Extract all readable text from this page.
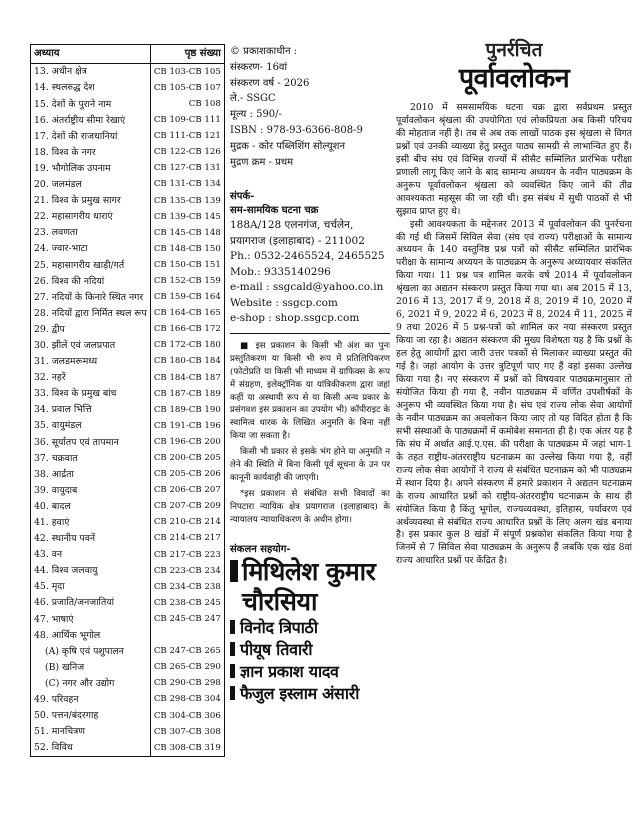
अध्याय	पृष्ठ संख्या
13. अधीन क्षेत्र	CB 103-CB 105
14. स्थलरुद्ध देश	CB 105-CB 107
15. देशों के पुराने नाम	CB 108
16. अंतर्राष्ट्रीय सीमा रेखाएं	CB 109-CB 111
17. देशों की राजधानियां	CB 111-CB 121
18. विश्व के नगर	CB 122-CB 126
19. भौगोलिक उपनाम	CB 127-CB 131
20. जलमंडल	CB 131-CB 134
21. विश्व के प्रमुख सागर	CB 135-CB 139
22. महासागरीय धाराएं	CB 139-CB 145
23. लवणता	CB 145-CB 148
24. ज्वार-भाटा	CB 148-CB 150
25. महासागरीय खाड़ी/गर्त	CB 150-CB 151
26. विश्व की नदियां	CB 152-CB 159
27. नदियों के किनारे स्थित नगर	CB 159-CB 164
28. नदियों द्वारा निर्मित स्थल रूप	CB 164-CB 165
29. द्वीप	CB 166-CB 172
30. झीलें एवं जलप्रपात	CB 172-CB 180
31. जलडमरूमध्य	CB 180-CB 184
32. नहरें	CB 184-CB 187
33. विश्व के प्रमुख बांध	CB 187-CB 189
34. प्रवाल भित्ति	CB 189-CB 190
35. वायुमंडल	CB 191-CB 196
36. सूर्यातप एवं तापमान	CB 196-CB 200
37. चक्रवात	CB 200-CB 205
38. आर्द्रता	CB 205-CB 206
39. वायुदाब	CB 206-CB 207
40. बादल	CB 207-CB 209
41. हवाएं	CB 210-CB 214
42. स्थानीय पवनें	CB 214-CB 217
43. वन	CB 217-CB 223
44. विश्व जलवायु	CB 223-CB 234
45. मृदा	CB 234-CB 238
46. प्रजाति/जनजातियां	CB 238-CB 245
47. भाषाएं	CB 245-CB 247
48. आर्थिक भूगोल	
(A) कृषि एवं पशुपालन	CB 247-CB 265
(B) खनिज	CB 265-CB 290
(C) नगर और उद्योग	CB 290-CB 298
49. परिवहन	CB 298-CB 304
50. पत्तन/बंदरगाह	CB 304-CB 306
51. मानचित्रण	CB 307-CB 308
52. विविध	CB 308-CB 319
© प्रकाशकाधीन :
संस्करण- 16वां
संस्करण वर्ष - 2026
ले.- SSGC
मूल्य : 590/-
ISBN : 978-93-6366-808-9
मुद्रक - कोर पब्लिशिंग सोल्यूशन
मुद्रण क्रम - प्रथम
संपर्क-
सम-सामयिक घटना चक्र
188A/128 एलनगंज, चर्चलेन,
प्रयागराज (इलाहाबाद) - 211002
Ph.: 0532-2465524, 2465525
Mob.: 9335140296
e-mail : ssgcald@yahoo.co.in
Website : ssgcp.com
e-shop : shop.ssgcp.com

■ इस प्रकाशन के किसी भी अंश का पुनः प्रस्तुतिकरण या किसी भी रूप में प्रतिलिपिकरण (फोटोप्रति या किसी भी माध्यम में ग्राफिक्स के रूप में संग्रहण, इलेक्ट्रॉनिक या यांत्रिकीकरण द्वारा जहां कहीं या अस्थायी रूप से या किसी अन्य प्रकार के प्रसंगवश इस प्रकाशन का उपयोग भी) कॉपीराइट के स्वामित्व धारक के लिखित अनुमति के बिना नहीं किया जा सकता है।

किसी भी प्रकार से इसके भंग होने या अनुमति न लेने की स्थिति में बिना किसी पूर्व सूचना के उन पर कानूनी कार्यवाही की जाएगी।

*इस प्रकाशन से संबंधित सभी विवादों का निपटारा न्यायिक क्षेत्र प्रयागराज (इलाहाबाद) के न्यायालय न्यायाधिकरण के अधीन होगा।

संकलन सहयोग-
मिथिलेश कुमार
चौरसिया
विनोद त्रिपाठी
पीयूष तिवारी
ज्ञान प्रकाश यादव
फैजुल इस्लाम अंसारी
पुनर्रचित
पूर्वावलोकन

2010 में समसामयिक घटना चक्र द्वारा सर्वप्रथम प्रस्तुत पूर्वावलोकन श्रृंखला की उपयोगिता एवं लोकप्रियता अब किसी परिचय की मोहताज नहीं है। तब से अब तक लाखों पाठक इस श्रृंखला से विगत प्रश्नों एवं उनकी व्याख्या हेतु प्रस्तुत पाठ्य सामग्री से लाभान्वित हुए हैं। इसी बीच संघ एवं विभिन्न राज्यों में सीसैट सम्मिलित प्रारंभिक परीक्षा प्रणाली लागू किए जाने के बाद सामान्य अध्ययन के नवीन पाठ्यक्रम के अनुरूप पूर्वावलोकन श्रृंखला को व्यवस्थित किए जाने की तीव्र आवश्यकता महसूस की जा रही थी। इस संबंध में सुधी पाठकों से भी सुझाव प्राप्त हुए थे।

इसी आवश्यकता के मद्देनजर 2013 में पूर्वावलोकन की पुनर्रचना की गई थी जिसमें सिविल सेवा (संघ एवं राज्य) परीक्षाओं के सामान्य अध्ययन के 140 वस्तुनिष्ठ प्रश्न पत्रों को सीसैट सम्मिलित प्रारंभिक परीक्षा के सामान्य अध्ययन के पाठ्यक्रम के अनुरूप अध्यायवार संकलित किया गया। 11 प्रश्न पत्र शामिल करके वर्ष 2014 में पूर्वावलोकन श्रृंखला का अद्यतन संस्करण प्रस्तुत किया गया था। अब 2015 में 13, 2016 में 13, 2017 में 9, 2018 में 8, 2019 में 10, 2020 में 6, 2021 में 9, 2022 में 6, 2023 में 8, 2024 में 11, 2025 में 9 तथा 2026 में 5 प्रश्न-पत्रों को शामिल कर नया संस्करण प्रस्तुत किया जा रहा है। अद्यतन संस्करण की मुख्य विशेषता यह है कि प्रश्नों के हल हेतु आयोगों द्वारा जारी उत्तर पत्रकों से मिलाकर व्याख्या प्रस्तुत की गई है। जहां आयोग के उत्तर त्रुटिपूर्ण पाए गए हैं वहां इसका उल्लेख किया गया है। नए संस्करण में प्रश्नों को विषयवार पाठ्यक्रमानुसार तो संयोजित किया ही गया है, नवीन पाठ्यक्रम में वर्णित उपशीर्षकों के अनुरूप भी व्यवस्थित किया गया है। संघ एवं राज्य लोक सेवा आयोगों के नवीन पाठ्यक्रम का अवलोकन किया जाए तो यह विदित होता है कि सभी संस्थाओं के पाठ्यक्रमों में कमोबेश समानता ही है। एक अंतर यह है कि संघ में अर्थात आई.ए.एस. की परीक्षा के पाठ्यक्रम में जहां भाग-1 के तहत राष्ट्रीय-अंतरराष्ट्रीय घटनाक्रम का उल्लेख किया गया है, वहीं राज्य लोक सेवा आयोगों ने राज्य से संबंधित घटनाक्रम को भी पाठ्यक्रम में स्थान दिया है। अपने संस्करण में हमारे प्रकाशन ने अद्यतन घटनाक्रम के राज्य आधारित प्रश्नों को राष्ट्रीय-अंतरराष्ट्रीय घटनाक्रम के साथ ही संयोजित किया है किंतु भूगोल, राज्यव्यवस्था, इतिहास, पर्यावरण एवं अर्थव्यवस्था से संबंधित राज्य आधारित प्रश्नों के लिए अलग खंड बनाया है। इस प्रकार कुल 8 खंडों में संपूर्ण प्रश्नकोश संकलित किया गया है जिनमें से 7 सिविल सेवा पाठ्यक्रम के अनुरूप हैं जबकि एक खंड 8वां राज्य आधारित प्रश्नों पर केंद्रित है।
